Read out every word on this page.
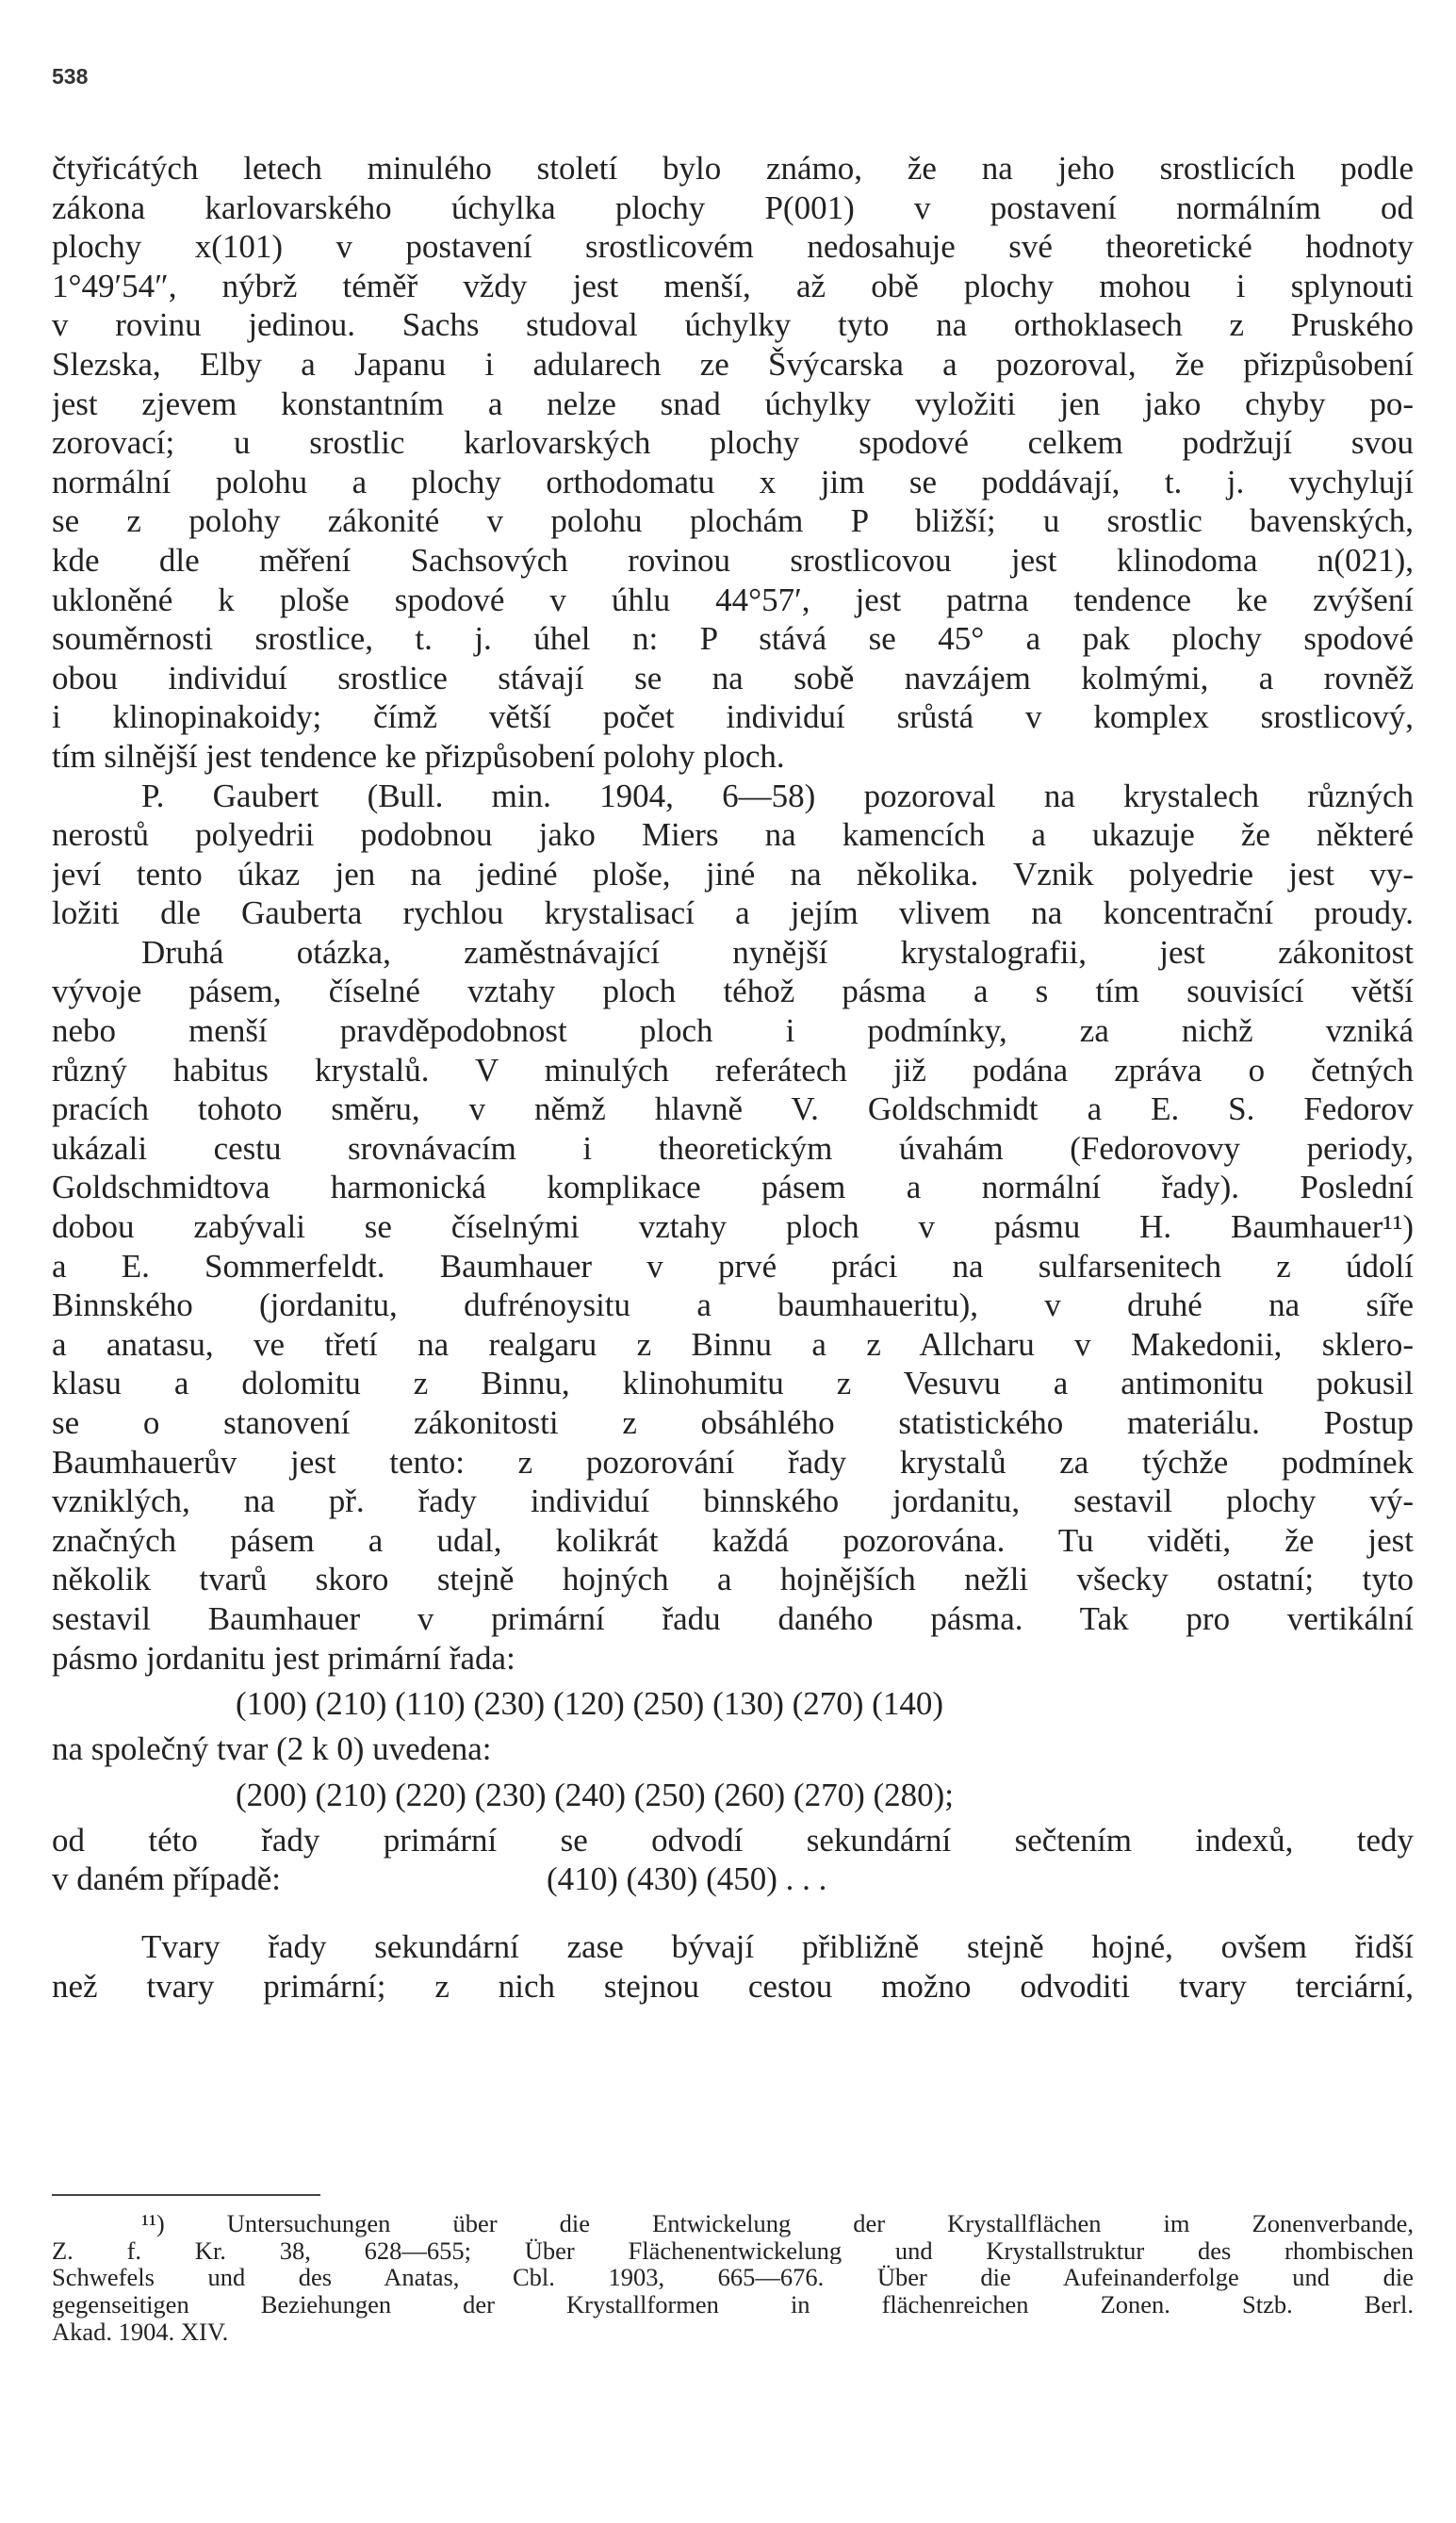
538
čtyřicátých letech minulého století bylo známo, že na jeho srostlicích podle
zákona karlovarského úchylka plochy P(001) v postavení normálním od
plochy x(101) v postavení srostlicovém nedosahuje své theoretické hodnoty
1°49′54″, nýbrž téměř vždy jest menší, až obě plochy mohou i splynouti
v rovinu jedinou. Sachs studoval úchylky tyto na orthoklasech z Pruského
Slezska, Elby a Japanu i adularech ze Švýcarska a pozoroval, že přizpůsobení
jest zjevem konstantním a nelze snad úchylky vyložiti jen jako chyby po-
zorovací; u srostlic karlovarských plochy spodové celkem podržují svou
normální polohu a plochy orthodomatu x jim se poddávají, t. j. vychylují
se z polohy zákonité v polohu plochám P bližší; u srostlic bavenských,
kde dle měření Sachsových rovinou srostlicovou jest klinodoma n(021),
ukloněné k ploše spodové v úhlu 44°57′, jest patrna tendence ke zvýšení
souměrnosti srostlice, t. j. úhel n: P stává se 45° a pak plochy spodové
obou individuí srostlice stávají se na sobě navzájem kolmými, a rovněž
i klinopinakoidy; čímž větší počet individuí srůstá v komplex srostlicový,
tím silnější jest tendence ke přizpůsobení polohy ploch.
P. Gaubert (Bull. min. 1904, 6—58) pozoroval na krystalech různých
nerostů polyedrii podobnou jako Miers na kamencích a ukazuje že některé
jeví tento úkaz jen na jediné ploše, jiné na několika. Vznik polyedrie jest vy-
ložiti dle Gauberta rychlou krystalisací a jejím vlivem na koncentrační proudy.
Druhá otázka, zaměstnávající nynější krystalografii, jest zákonitost
vývoje pásem, číselné vztahy ploch téhož pásma a s tím souvisící větší
nebo menší pravděpodobnost ploch i podmínky, za nichž vzniká
různý habitus krystalů. V minulých referátech již podána zpráva o četných
pracích tohoto směru, v němž hlavně V. Goldschmidt a E. S. Fedorov
ukázali cestu srovnávacím i theoretickým úvahám (Fedorovovy periody,
Goldschmidtova harmonická komplikace pásem a normální řady). Poslední
dobou zabývali se číselnými vztahy ploch v pásmu H. Baumhauer¹¹)
a E. Sommerfeldt. Baumhauer v prvé práci na sulfarsenitech z údolí
Binnského (jordanitu, dufrénoysitu a baumhaueritu), v druhé na síře
a anatasu, ve třetí na realgaru z Binnu a z Allcharu v Makedonii, sklero-
klasu a dolomitu z Binnu, klinohumitu z Vesuvu a antimonitu pokusil
se o stanovení zákonitosti z obsáhlého statistického materiálu. Postup
Baumhauerův jest tento: z pozorování řady krystalů za týchže podmínek
vzniklých, na př. řady individuí binnského jordanitu, sestavil plochy vý-
značných pásem a udal, kolikrát každá pozorována. Tu viděti, že jest
několik tvarů skoro stejně hojných a hojnějších nežli všecky ostatní; tyto
sestavil Baumhauer v primární řadu daného pásma. Tak pro vertikální
pásmo jordanitu jest primární řada:
(100) (210) (110) (230) (120) (250) (130) (270) (140)
na společný tvar (2 k 0) uvedena:
(200) (210) (220) (230) (240) (250) (260) (270) (280);
od této řady primární se odvodí sekundární sečtením indexů, tedy
v daném případě:	(410) (430) (450) . . .
Tvary řady sekundární zase bývají přibližně stejně hojné, ovšem řidší
než tvary primární; z nich stejnou cestou možno odvoditi tvary terciární,
¹¹) Untersuchungen über die Entwickelung der Krystallflächen im Zonenverbande,
Z. f. Kr. 38, 628—655; Über Flächenentwickelung und Krystallstruktur des rhombischen
Schwefels und des Anatas, Cbl. 1903, 665—676. Über die Aufeinanderfolge und die
gegenseitigen Beziehungen der Krystallformen in flächenreichen Zonen. Stzb. Berl.
Akad. 1904. XIV.
